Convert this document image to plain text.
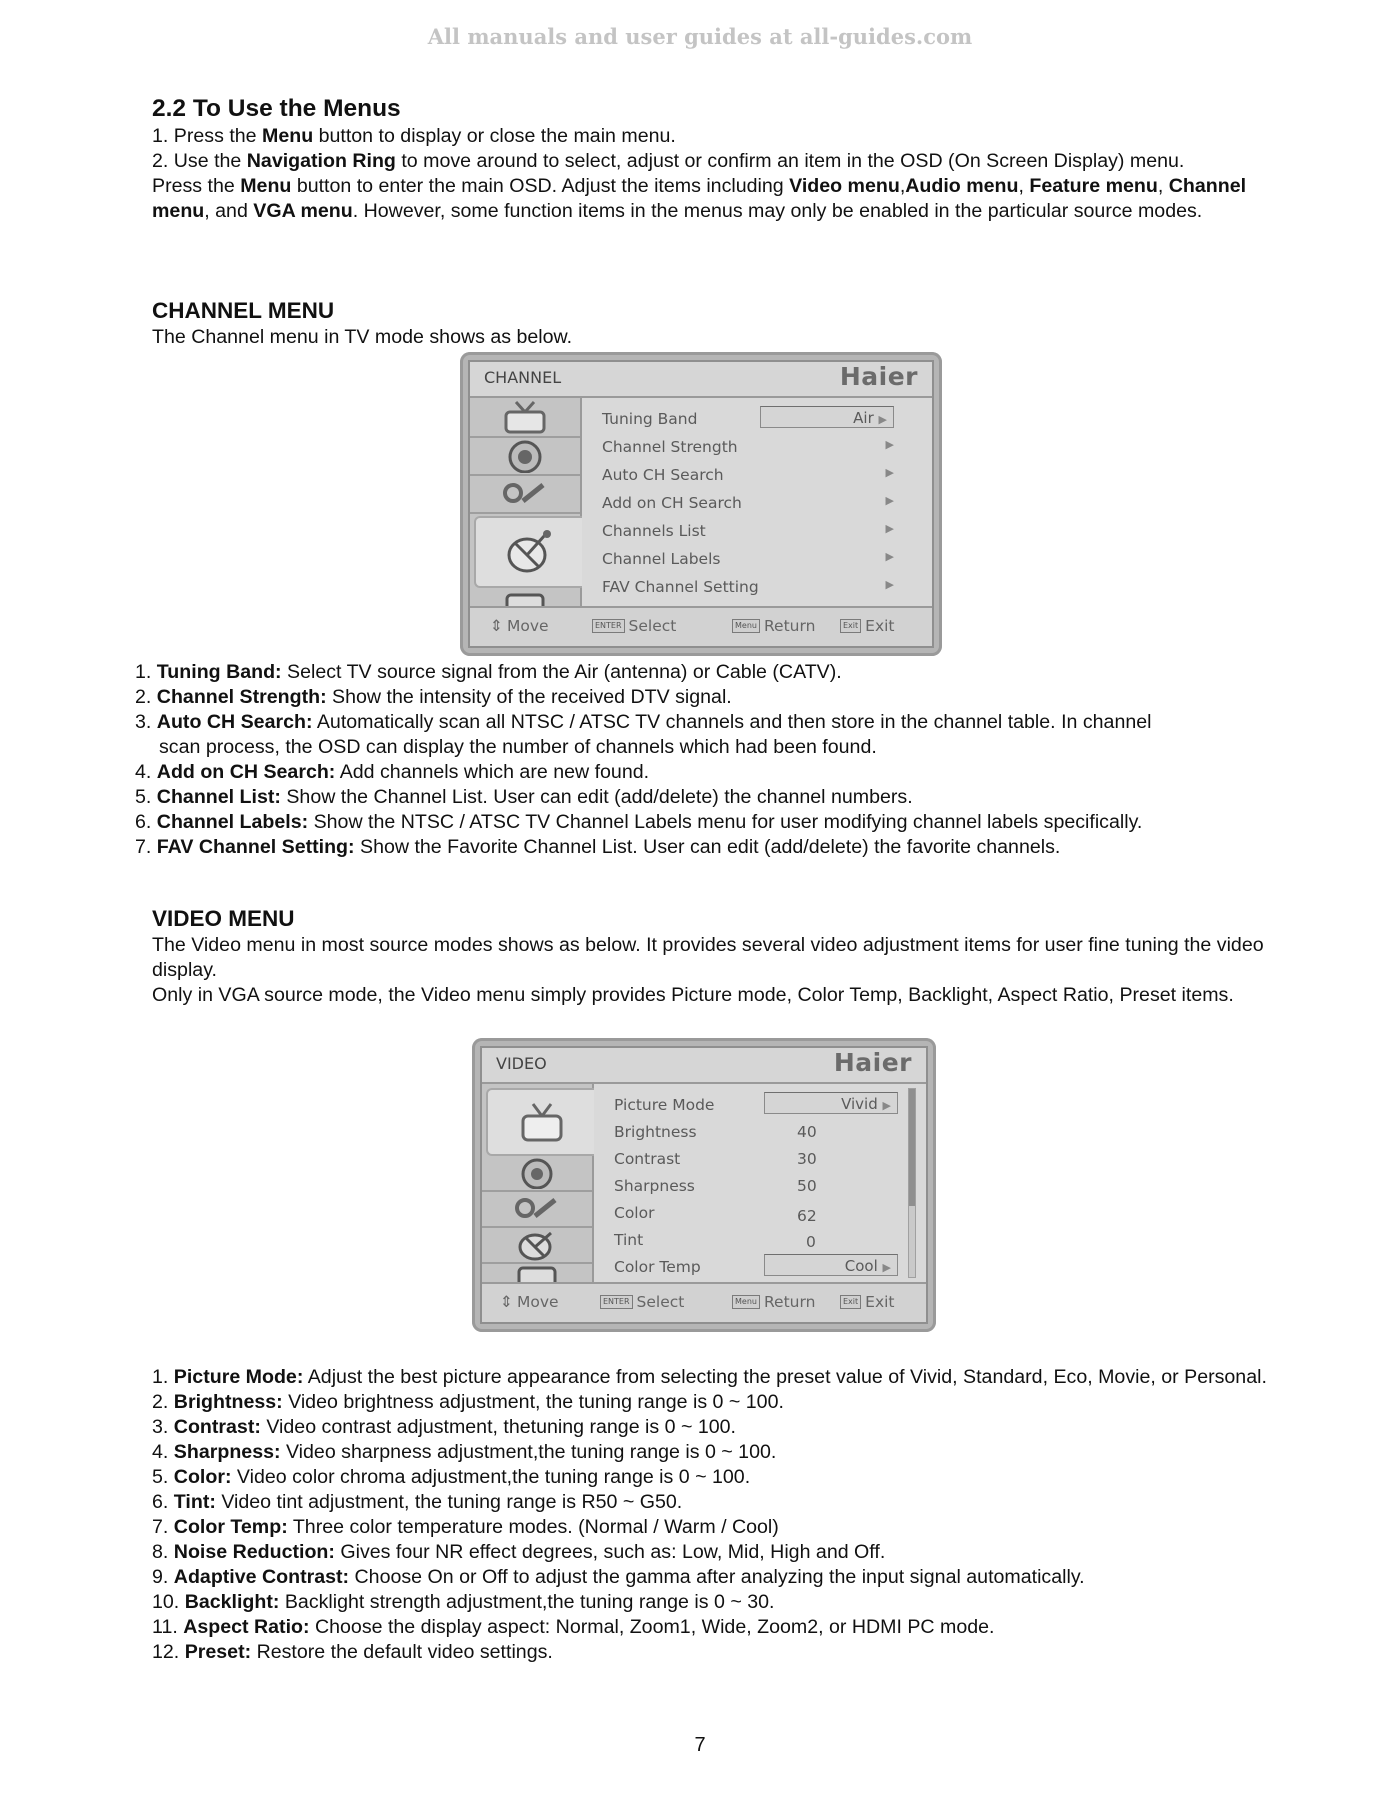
All manuals and user guides at all-guides.com
2.2 To Use the Menus

1. Press the Menu button to display or close the main menu.

2. Use the Navigation Ring to move around to select, adjust or confirm an item in the OSD (On Screen Display) menu.

Press the Menu button to enter the main OSD. Adjust the items including Video menu,Audio menu, Feature menu, Channel menu, and VGA menu. However, some function items in the menus may only be enabled in the particular source modes.

CHANNEL MENU

The Channel menu in TV mode shows as below.

CHANNEL	Haier
Tuning Band	Air ▶
Channel Strength	▶
Auto CH Search	▶
Add on CH Search	▶
Channels List	▶
Channel Labels	▶
FAV Channel Setting	▶
⇕ Move	ENTER Select	Menu Return	Exit Exit

1. Tuning Band: Select TV source signal from the Air (antenna) or Cable (CATV).

2. Channel Strength: Show the intensity of the received DTV signal.

3. Auto CH Search: Automatically scan all NTSC / ATSC TV channels and then store in the channel table. In channel

scan process, the OSD can display the number of channels which had been found.

4. Add on CH Search: Add channels which are new found.

5. Channel List: Show the Channel List. User can edit (add/delete) the channel numbers.

6. Channel Labels: Show the NTSC / ATSC TV Channel Labels menu for user modifying channel labels specifically.

7. FAV Channel Setting: Show the Favorite Channel List. User can edit (add/delete) the favorite channels.

VIDEO MENU

The Video menu in most source modes shows as below. It provides several video adjustment items for user fine tuning the video display.

Only in VGA source mode, the Video menu simply provides Picture mode, Color Temp, Backlight, Aspect Ratio, Preset items.

VIDEO	Haier
Picture Mode	Vivid ▶
Brightness	40
Contrast	30
Sharpness	50
Color	62
Tint	0
Color Temp	Cool ▶
⇕ Move	ENTER Select	Menu Return	Exit Exit

1. Picture Mode: Adjust the best picture appearance from selecting the preset value of Vivid, Standard, Eco, Movie, or Personal.

2. Brightness: Video brightness adjustment, the tuning range is 0 ~ 100.

3. Contrast: Video contrast adjustment, thetuning range is 0 ~ 100.

4. Sharpness: Video sharpness adjustment,the tuning range is 0 ~ 100.

5. Color: Video color chroma adjustment,the tuning range is 0 ~ 100.

6. Tint: Video tint adjustment, the tuning range is R50 ~ G50.

7. Color Temp: Three color temperature modes. (Normal / Warm / Cool)

8. Noise Reduction: Gives four NR effect degrees, such as: Low, Mid, High and Off.

9. Adaptive Contrast: Choose On or Off to adjust the gamma after analyzing the input signal automatically.

10. Backlight: Backlight strength adjustment,the tuning range is 0 ~ 30.

11. Aspect Ratio: Choose the display aspect: Normal, Zoom1, Wide, Zoom2, or HDMI PC mode.

12. Preset: Restore the default video settings.

7
